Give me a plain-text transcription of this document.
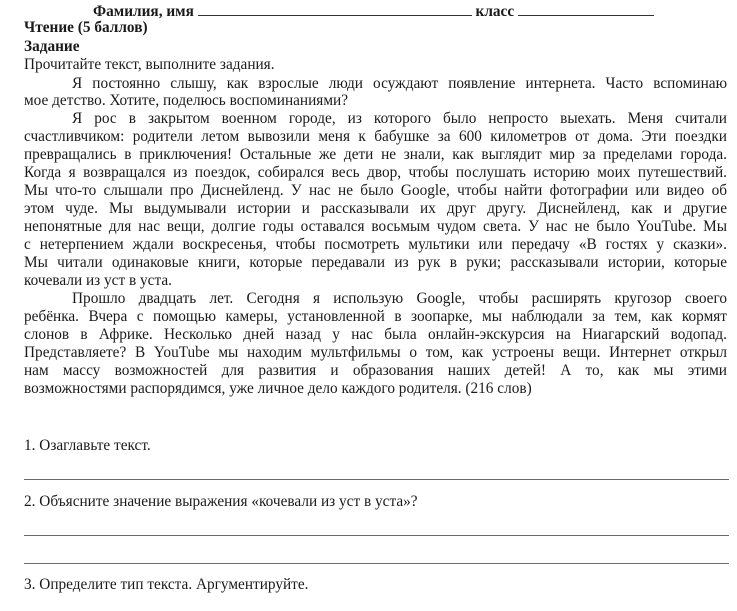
Фамилия, имя	класс
Чтение (5 баллов)
Задание
Прочитайте текст, выполните задания.
Я постоянно слышу, как взрослые люди осуждают появление интернета. Часто вспоминаю
мое детство. Хотите, поделюсь воспоминаниями?
Я рос в закрытом военном городе, из которого было непросто выехать. Меня считали
счастливчиком: родители летом вывозили меня к бабушке за 600 километров от дома. Эти поездки
превращались в приключения! Остальные же дети не знали, как выглядит мир за пределами города.
Когда я возвращался из поездок, собирался весь двор, чтобы послушать историю моих путешествий.
Мы что-то слышали про Диснейленд. У нас не было Google, чтобы найти фотографии или видео об
этом чуде. Мы выдумывали истории и рассказывали их друг другу. Диснейленд, как и другие
непонятные для нас вещи, долгие годы оставался восьмым чудом света. У нас не было YouTube. Мы
с нетерпением ждали воскресенья, чтобы посмотреть мультики или передачу «В гостях у сказки».
Мы читали одинаковые книги, которые передавали из рук в руки; рассказывали истории, которые
кочевали из уст в уста.
Прошло двадцать лет. Сегодня я использую Google, чтобы расширять кругозор своего
ребёнка. Вчера с помощью камеры, установленной в зоопарке, мы наблюдали за тем, как кормят
слонов в Африке. Несколько дней назад у нас была онлайн-экскурсия на Ниагарский водопад.
Представляете? В YouTube мы находим мультфильмы о том, как устроены вещи. Интернет открыл
нам массу возможностей для развития и образования наших детей! А то, как мы этими
возможностями распорядимся, уже личное дело каждого родителя. (216 слов)
1. Озаглавьте текст.
2. Объясните значение выражения «кочевали из уст в уста»?
3. Определите тип текста. Аргументируйте.
